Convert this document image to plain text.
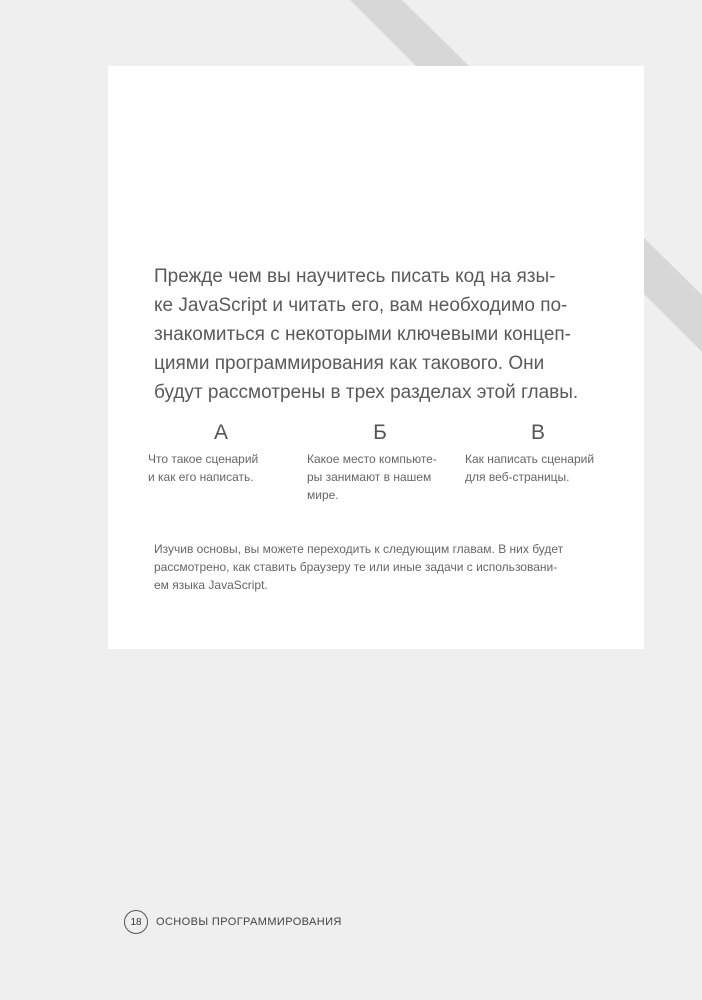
Прежде чем вы научитесь писать код на язы-
ке JavaScript и читать его, вам необходимо по-
знакомиться с некоторыми ключевыми концеп-
циями программирования как такового. Они
будут рассмотрены в трех разделах этой главы.

А
Что такое сценарий
и как его написать.
Б
Какое место компьюте-
ры занимают в нашем
мире.
В
Как написать сценарий
для веб-страницы.

Изучив основы, вы можете переходить к следующим главам. В них будет
рассмотрено, как ставить браузеру те или иные задачи с использовани-
ем языка JavaScript.

18	ОСНОВЫ ПРОГРАММИРОВАНИЯ
